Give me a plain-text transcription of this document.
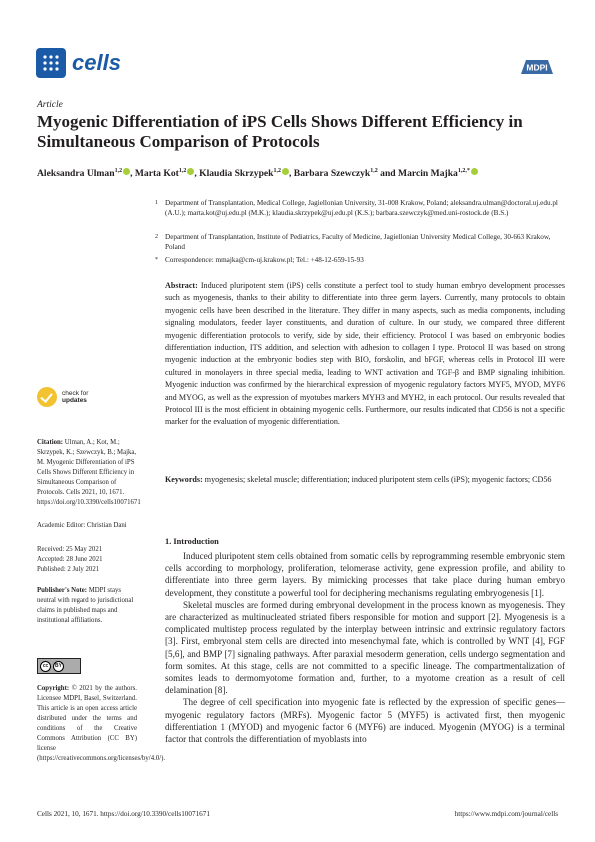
cells	MDPI
Article
Myogenic Differentiation of iPS Cells Shows Different Efficiency in Simultaneous Comparison of Protocols
Aleksandra Ulman$^{1,2}$ , Marta Kot$^{1,2}$ , Klaudia Skrzypek$^{1,2}$ , Barbara Szewczyk$^{1,2}$ and Marcin Majka$^{1,2,*}$
1 Department of Transplantation, Medical College, Jagiellonian University, 31-008 Krakow, Poland; aleksandra.ulman@doctoral.uj.edu.pl (A.U.); marta.kot@uj.edu.pl (M.K.); klaudia.skrzypek@uj.edu.pl (K.S.); barbara.szewczyk@med.uni-rostock.de (B.S.)
2 Department of Transplantation, Institute of Pediatrics, Faculty of Medicine, Jagiellonian University Medical College, 30-663 Krakow, Poland
* Correspondence: mmajka@cm-uj.krakow.pl; Tel.: +48-12-659-15-93
Abstract: Induced pluripotent stem (iPS) cells constitute a perfect tool to study human embryo development processes such as myogenesis, thanks to their ability to differentiate into three germ layers. Currently, many protocols to obtain myogenic cells have been described in the literature. They differ in many aspects, such as media components, including signaling modulators, feeder layer constituents, and duration of culture. In our study, we compared three different myogenic differentiation protocols to verify, side by side, their efficiency. Protocol I was based on embryonic bodies differentiation induction, ITS addition, and selection with adhesion to collagen I type. Protocol II was based on strong myogenic induction at the embryonic bodies step with BIO, forskolin, and bFGF, whereas cells in Protocol III were cultured in monolayers in three special media, leading to WNT activation and TGF-β and BMP signaling inhibition. Myogenic induction was confirmed by the hierarchical expression of myogenic regulatory factors MYF5, MYOD, MYF6 and MYOG, as well as the expression of myotubes markers MYH3 and MYH2, in each protocol. Our results revealed that Protocol III is the most efficient in obtaining myogenic cells. Furthermore, our results indicated that CD56 is not a specific marker for the evaluation of myogenic differentiation.
Keywords: myogenesis; skeletal muscle; differentiation; induced pluripotent stem cells (iPS); myogenic factors; CD56
1. Introduction

Induced pluripotent stem cells obtained from somatic cells by reprogramming resemble embryonic stem cells according to morphology, proliferation, telomerase activity, gene expression profile, and ability to differentiate into three germ layers. By mimicking processes that take place during human embryo development, they constitute a powerful tool for deciphering mechanisms regulating embryogenesis [1].

Skeletal muscles are formed during embryonal development in the process known as myogenesis. They are characterized as multinucleated striated fibers responsible for motion and support [2]. Myogenesis is a complicated multistep process regulated by the interplay between intrinsic and extrinsic regulatory factors [3]. First, embryonal stem cells are directed into mesenchymal fate, which is controlled by WNT [4], FGF [5,6], and BMP [7] signaling pathways. After paraxial mesoderm generation, cells undergo segmentation and form somites. At this stage, cells are not committed to a specific lineage. The compartmentalization of somites leads to dermomyotome formation and, further, to a myotome creation as a result of cell delamination [8].

The degree of cell specification into myogenic fate is reflected by the expression of specific genes—myogenic regulatory factors (MRFs). Myogenic factor 5 (MYF5) is activated first, then myogenic differentiation 1 (MYOD) and myogenic factor 6 (MYF6) are induced. Myogenin (MYOG) is a terminal factor that controls the differentiation of myoblasts into

check for
updates
Citation: Ulman, A.; Kot, M.; Skrzypek, K.; Szewczyk, B.; Majka, M. Myogenic Differentiation of iPS Cells Shows Different Efficiency in Simultaneous Comparison of Protocols. Cells 2021, 10, 1671. https://doi.org/10.3390/cells10071671
Academic Editor: Christian Dani
Received: 25 May 2021
Accepted: 28 June 2021
Published: 2 July 2021
Publisher's Note: MDPI stays neutral with regard to jurisdictional claims in published maps and institutional affiliations.
cc	BY
Copyright: © 2021 by the authors. Licensee MDPI, Basel, Switzerland. This article is an open access article distributed under the terms and conditions of the Creative Commons Attribution (CC BY) license (https://creativecommons.org/licenses/by/4.0/).
Cells 2021, 10, 1671. https://doi.org/10.3390/cells10071671	https://www.mdpi.com/journal/cells
